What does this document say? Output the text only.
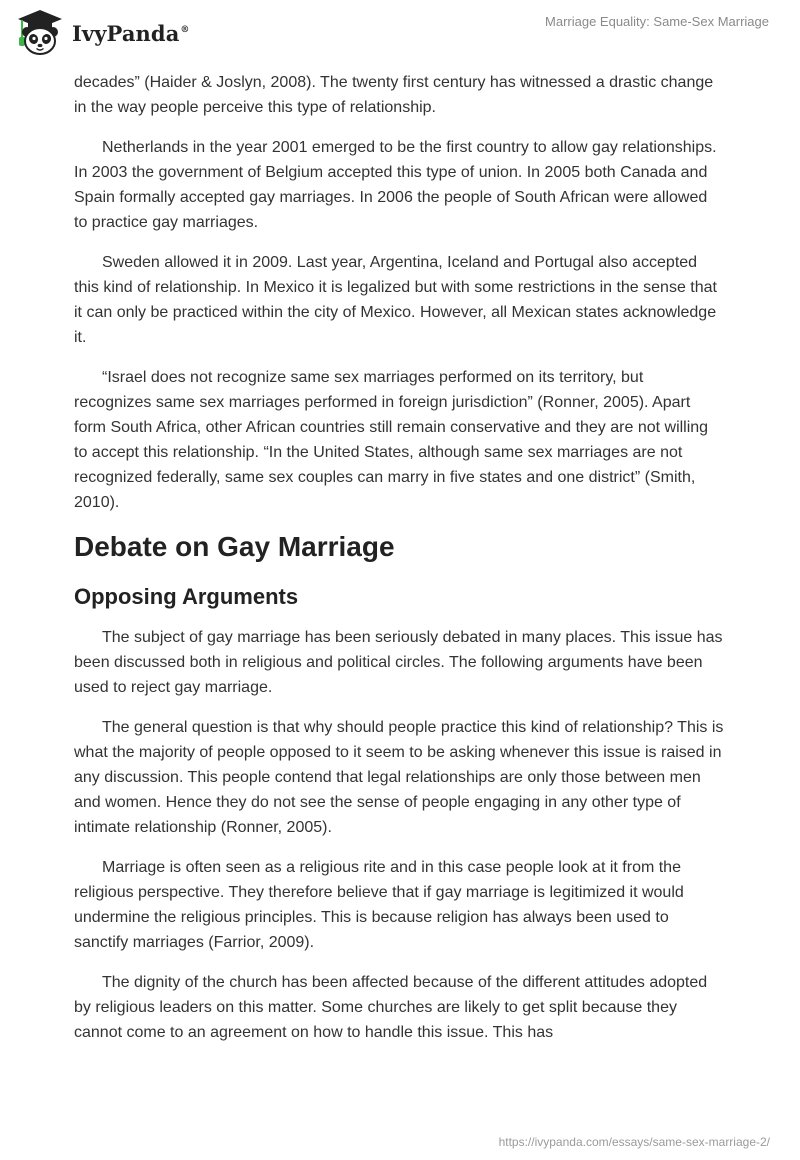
IvyPanda®
Marriage Equality: Same-Sex Marriage

decades” (Haider & Joslyn, 2008). The twenty first century has witnessed a drastic change in the way people perceive this type of relationship.

Netherlands in the year 2001 emerged to be the first country to allow gay relationships. In 2003 the government of Belgium accepted this type of union. In 2005 both Canada and Spain formally accepted gay marriages. In 2006 the people of South African were allowed to practice gay marriages.

Sweden allowed it in 2009. Last year, Argentina, Iceland and Portugal also accepted this kind of relationship. In Mexico it is legalized but with some restrictions in the sense that it can only be practiced within the city of Mexico. However, all Mexican states acknowledge it.

“Israel does not recognize same sex marriages performed on its territory, but recognizes same sex marriages performed in foreign jurisdiction” (Ronner, 2005). Apart form South Africa, other African countries still remain conservative and they are not willing to accept this relationship. “In the United States, although same sex marriages are not recognized federally, same sex couples can marry in five states and one district” (Smith, 2010).

Debate on Gay Marriage
Opposing Arguments

The subject of gay marriage has been seriously debated in many places. This issue has been discussed both in religious and political circles. The following arguments have been used to reject gay marriage.

The general question is that why should people practice this kind of relationship? This is what the majority of people opposed to it seem to be asking whenever this issue is raised in any discussion. This people contend that legal relationships are only those between men and women. Hence they do not see the sense of people engaging in any other type of intimate relationship (Ronner, 2005).

Marriage is often seen as a religious rite and in this case people look at it from the religious perspective. They therefore believe that if gay marriage is legitimized it would undermine the religious principles. This is because religion has always been used to sanctify marriages (Farrior, 2009).

The dignity of the church has been affected because of the different attitudes adopted by religious leaders on this matter. Some churches are likely to get split because they cannot come to an agreement on how to handle this issue. This has

https://ivypanda.com/essays/same-sex-marriage-2/
